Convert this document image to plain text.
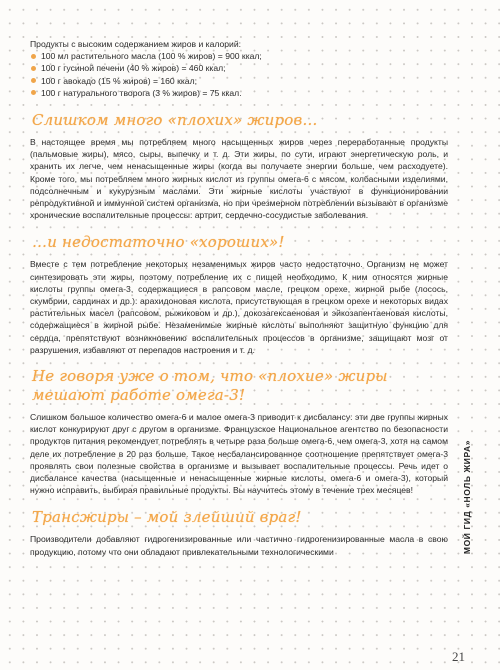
Продукты с высоким содержанием жиров и калорий:

100 мл растительного масла (100 % жиров) = 900 ккал;
100 г гусиной печени (40 % жиров) = 460 ккал;
100 г авокадо (15 % жиров) = 160 ккал;
100 г натурального творога (3 % жиров) = 75 ккал.
Слишком много «плохих» жиров…

В настоящее время мы потребляем много насыщенных жиров через переработанные продукты (пальмовые жиры), мясо, сыры, выпечку и т. д. Эти жиры, по сути, играют энергетическую роль, и хранить их легче, чем ненасыщенные жиры (когда вы получаете энергии больше, чем расходуете). Кроме того, мы потребляем много жирных кислот из группы омега-6 с мясом, колбасными изделиями, подсолнечным и кукурузным маслами. Эти жирные кислоты участвуют в функционировании репродуктивной и иммунной систем организма, но при чрезмерном потреблении вызывают в организме хронические воспалительные процессы: артрит, сердечно-сосудистые заболевания.

…и недостаточно «хороших»!

Вместе с тем потребление некоторых незаменимых жиров часто недостаточно. Организм не может синтезировать эти жиры, поэтому потребление их с пищей необходимо. К ним относятся жирные кислоты группы омега-3, содержащиеся в рапсовом масле, грецком орехе, жирной рыбе (лосось, скумбрии, сардинах и др.): арахидоновая кислота, присутствующая в грецком орехе и некоторых видах растительных масел (рапсовом, рыжиковом и др.), докозагексаеновая и эйкозапентаеновая кислоты, содержащиеся в жирной рыбе. Незаменимые жирные кислоты выполняют защитную функцию для сердца, препятствуют возникновению воспалительных процессов в организме, защищают мозг от разрушения, избавляют от перепадов настроения и т. д.

Не говоря уже о том, что «плохие» жиры мешают работе омега-3!

Слишком большое количество омега-6 и малое омега-3 приводит к дисбалансу: эти две группы жирных кислот конкурируют друг с другом в организме. Французское Национальное агентство по безопасности продуктов питания рекомендует потреблять в четыре раза больше омега-6, чем омега-3, хотя на самом деле их потребление в 20 раз больше. Такое несбалансированное соотношение препятствует омега-3 проявлять свои полезные свойства в организме и вызывает воспалительные процессы. Речь идет о дисбалансе качества (насыщенные и ненасыщенные жирные кислоты, омега-6 и омега-3), который нужно исправить, выбирая правильные продукты. Вы научитесь этому в течение трех месяцев!

Трансжиры – мой злейший враг!

Производители добавляют гидрогенизированные или частично гидрогенизированные масла в свою продукцию, потому что они обладают привлекательными технологическими	МОЙ ГИД «НОЛЬ ЖИРА»
21
